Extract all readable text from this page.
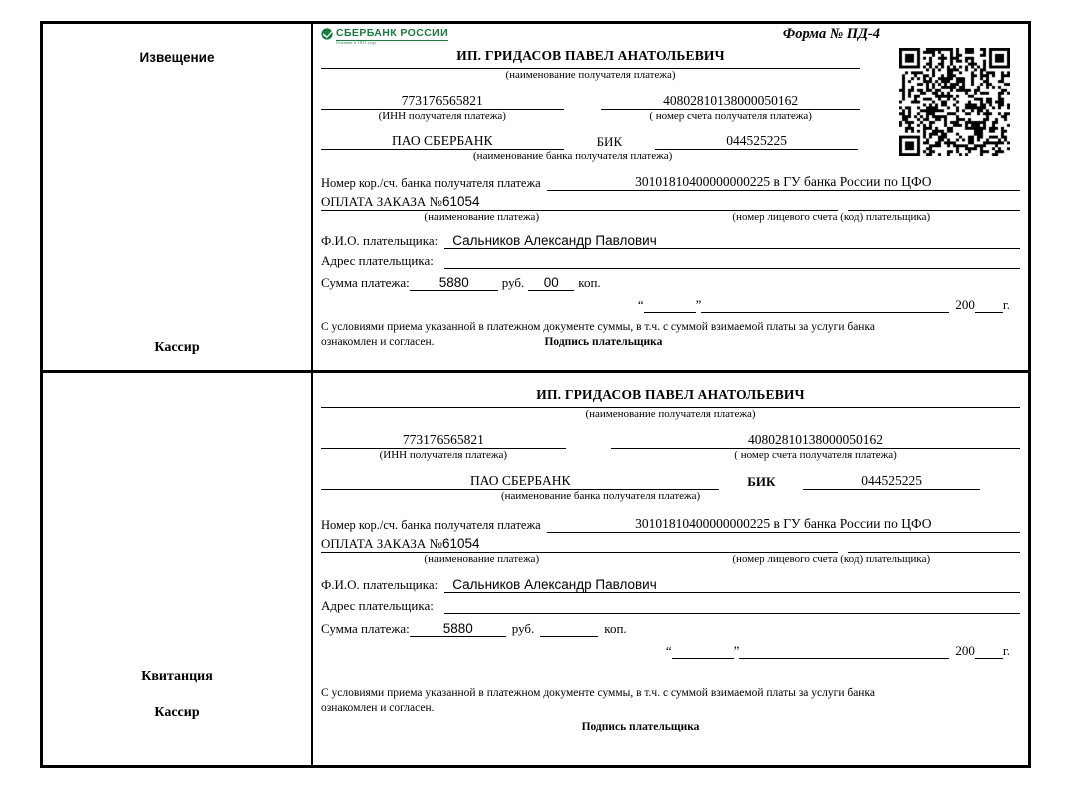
Извещение
Кассир
СБЕРБАНК РОССИИ
Основан в 1841 году	Форма № ПД-4
ИП. ГРИДАСОВ ПАВЕЛ АНАТОЛЬЕВИЧ
(наименование получателя платежа)
773176565821	40802810138000050162
(ИНН получателя платежа)	( номер счета получателя платежа)
ПАО СБЕРБАНК	БИК	044525225
(наименование банка получателя платежа)
Номер кор./сч. банка получателя платежа	30101810400000000225 в ГУ банка России по ЦФО
ОПЛАТА ЗАКАЗА №61054
(наименование платежа)	(номер лицевого счета (код) плательщика)
Ф.И.О. плательщика:	Сальников Александр Павлович
Адрес плательщика:
Сумма платежа:	5880	руб.	00	коп.
“	”	200 г.
С условиями приема указанной в платежном документе суммы, в т.ч. с суммой взимаемой платы за услуги банка
ознакомлен и согласен.	Подпись плательщика
Квитанция
Кассир
ИП. ГРИДАСОВ ПАВЕЛ АНАТОЛЬЕВИЧ
(наименование получателя платежа)
773176565821	40802810138000050162
(ИНН получателя платежа)	( номер счета получателя платежа)
ПАО СБЕРБАНК	БИК	044525225
(наименование банка получателя платежа)
Номер кор./сч. банка получателя платежа	30101810400000000225 в ГУ банка России по ЦФО
ОПЛАТА ЗАКАЗА №61054
(наименование платежа)	(номер лицевого счета (код) плательщика)
Ф.И.О. плательщика:	Сальников Александр Павлович
Адрес плательщика:
Сумма платежа:	5880	руб.	коп.
“	”	200 г.
С условиями приема указанной в платежном документе суммы, в т.ч. с суммой взимаемой платы за услуги банка
ознакомлен и согласен.
Подпись плательщика
